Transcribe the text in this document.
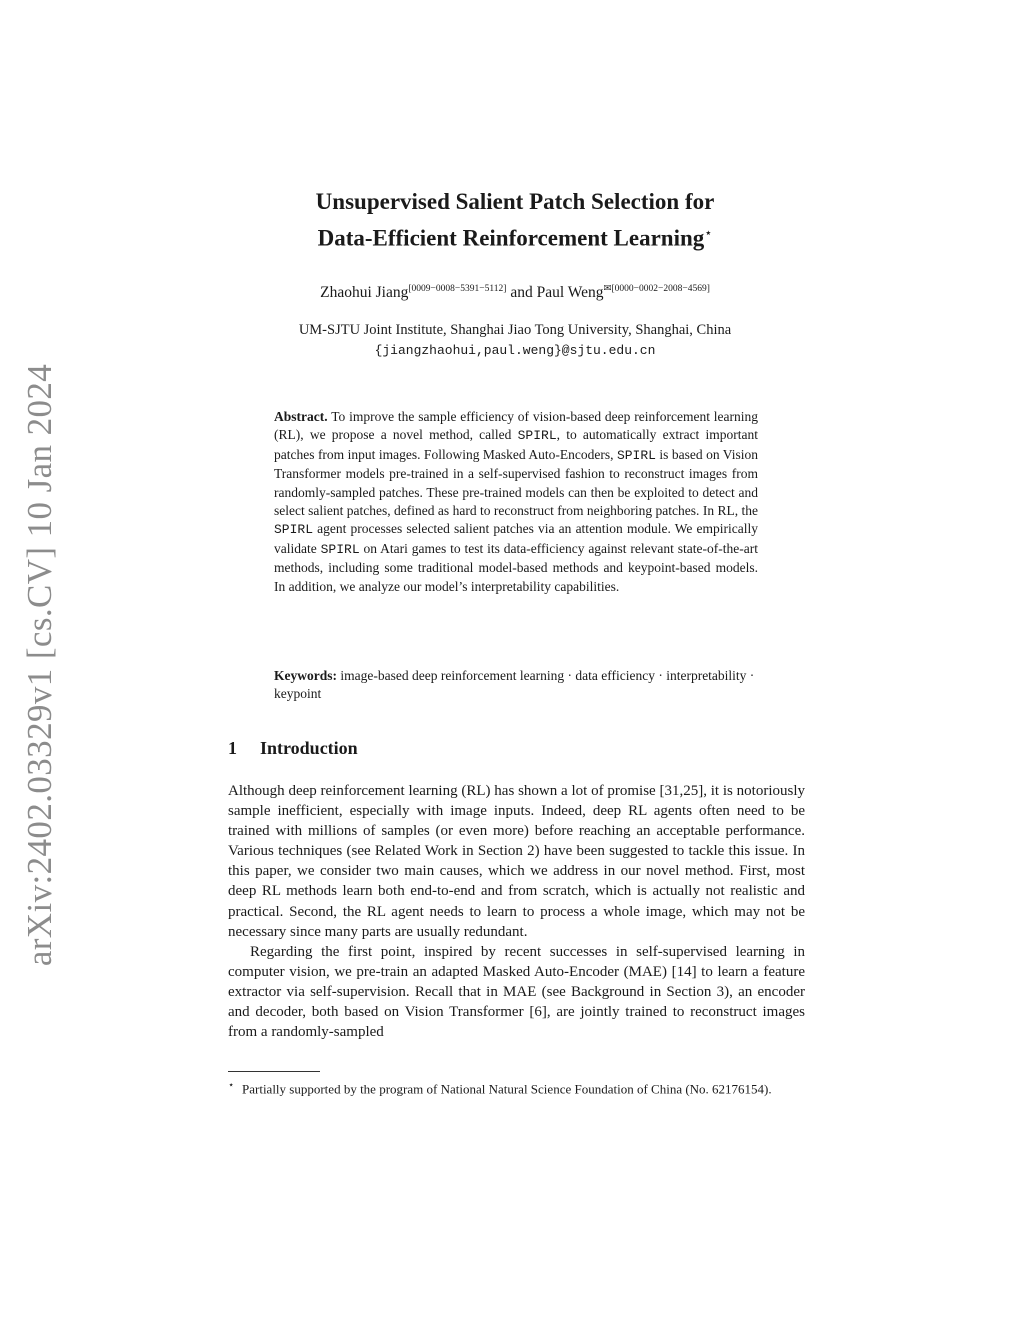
arXiv:2402.03329v1 [cs.CV] 10 Jan 2024
Unsupervised Salient Patch Selection for
Data-Efficient Reinforcement Learning⋆
Zhaohui Jiang[0009−0008−5391−5112] and Paul Weng$^{✉[0000-0002-2008-4569]}$
UM-SJTU Joint Institute, Shanghai Jiao Tong University, Shanghai, China
{jiangzhaohui,paul.weng}@sjtu.edu.cn
Abstract. To improve the sample efficiency of vision-based deep reinforcement learning (RL), we propose a novel method, called SPIRL, to automatically extract important patches from input images. Following Masked Auto-Encoders, SPIRL is based on Vision Transformer models pre-trained in a self-supervised fashion to reconstruct images from randomly-sampled patches. These pre-trained models can then be exploited to detect and select salient patches, defined as hard to reconstruct from neighboring patches. In RL, the SPIRL agent processes selected salient patches via an attention module. We empirically validate SPIRL on Atari games to test its data-efficiency against relevant state-of-the-art methods, including some traditional model-based methods and keypoint-based models. In addition, we analyze our model’s interpretability capabilities.
Keywords: image-based deep reinforcement learning · data efficiency · interpretability · keypoint
1 Introduction

Although deep reinforcement learning (RL) has shown a lot of promise [31,25], it is notoriously sample inefficient, especially with image inputs. Indeed, deep RL agents often need to be trained with millions of samples (or even more) before reaching an acceptable performance. Various techniques (see Related Work in Section 2) have been suggested to tackle this issue. In this paper, we consider two main causes, which we address in our novel method. First, most deep RL methods learn both end-to-end and from scratch, which is actually not realistic and practical. Second, the RL agent needs to learn to process a whole image, which may not be necessary since many parts are usually redundant.

Regarding the first point, inspired by recent successes in self-supervised learning in computer vision, we pre-train an adapted Masked Auto-Encoder (MAE) [14] to learn a feature extractor via self-supervision. Recall that in MAE (see Background in Section 3), an encoder and decoder, both based on Vision Transformer [6], are jointly trained to reconstruct images from a randomly-sampled

⋆ Partially supported by the program of National Natural Science Foundation of China (No. 62176154).
